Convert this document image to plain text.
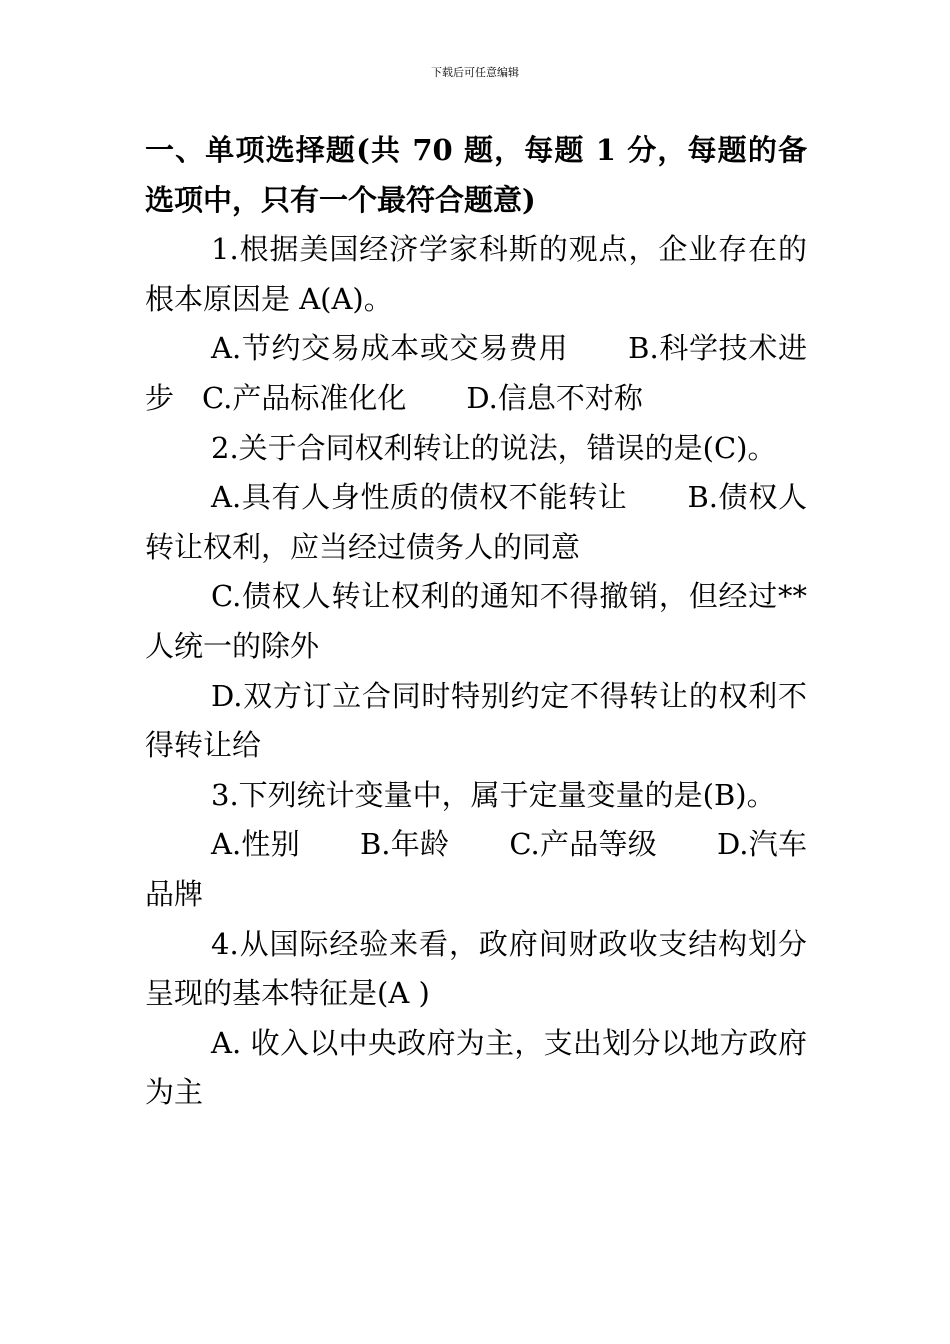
下载后可任意编辑

一、单项选择题(共 70 题，每题 1 分，每题的备选项中，只有一个最符合题意)

1.根据美国经济学家科斯的观点，企业存在的根本原因是 A(A)。

A.节约交易成本或交易费用 B.科学技术进步 C.产品标准化化 D.信息不对称

2.关于合同权利转让的说法，错误的是(C)。

A.具有人身性质的债权不能转让 B.债权人转让权利，应当经过债务人的同意

C.债权人转让权利的通知不得撤销，但经过**人统一的除外

D.双方订立合同时特别约定不得转让的权利不得转让给

3.下列统计变量中，属于定量变量的是(B)。

A.性别 B.年龄 C.产品等级 D.汽车品牌

4.从国际经验来看，政府间财政收支结构划分呈现的基本特征是(A )

A. 收入以中央政府为主，支出划分以地方政府为主
